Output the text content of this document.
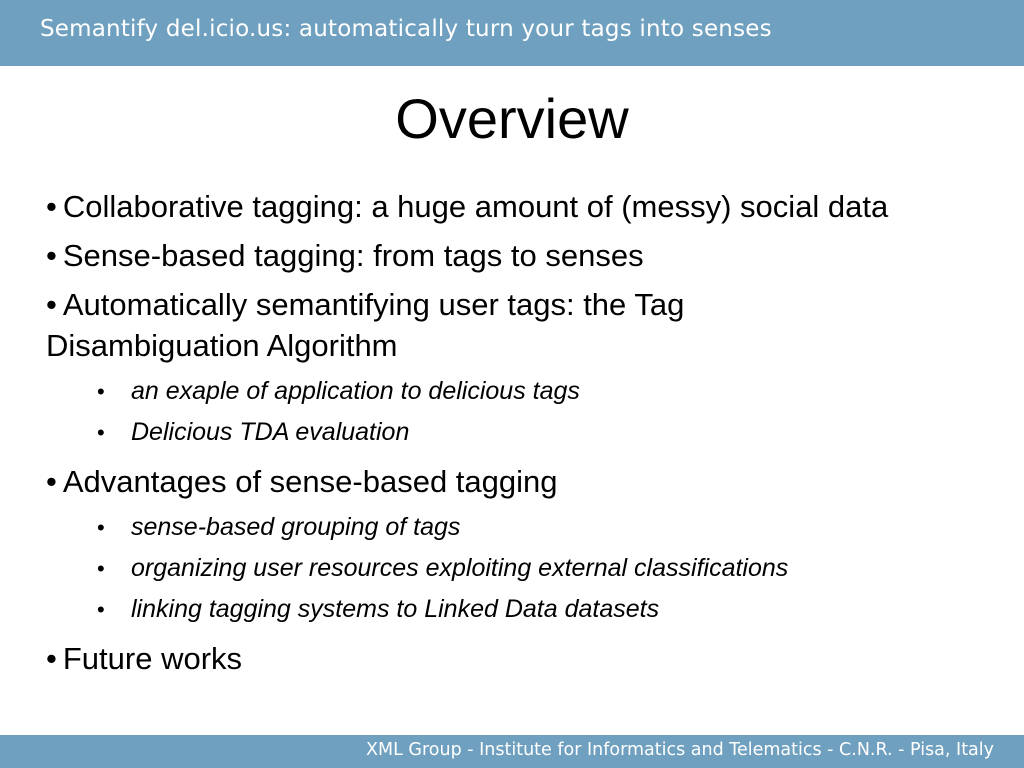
Semantify del.icio.us: automatically turn your tags into senses
Overview
• Collaborative tagging: a huge amount of (messy) social data
• Sense-based tagging: from tags to senses
• Automatically semantifying user tags: the Tag Disambiguation Algorithm
• an exaple of application to delicious tags
• Delicious TDA evaluation
• Advantages of sense-based tagging
• sense-based grouping of tags
• organizing user resources exploiting external classifications
• linking tagging systems to Linked Data datasets
• Future works
XML Group - Institute for Informatics and Telematics - C.N.R. - Pisa, Italy
